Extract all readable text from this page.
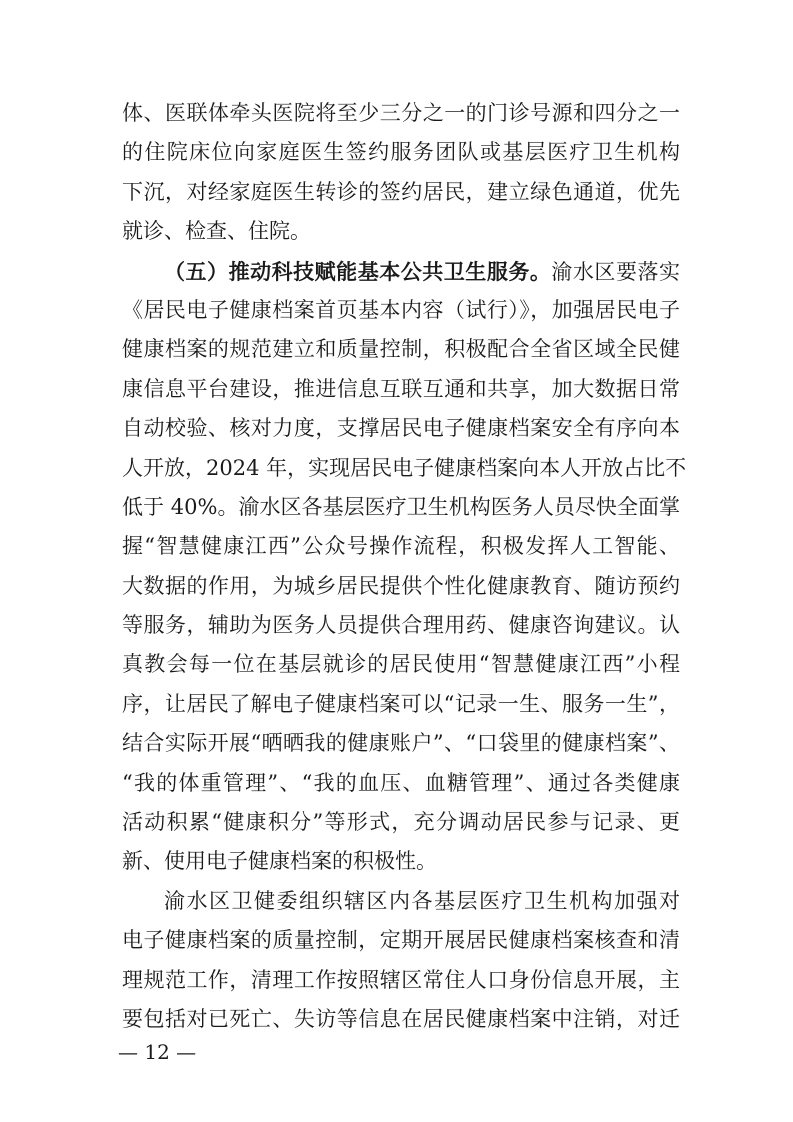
体、医联体牵头医院将至少三分之一的门诊号源和四分之一
的住院床位向家庭医生签约服务团队或基层医疗卫生机构
下沉，对经家庭医生转诊的签约居民，建立绿色通道，优先
就诊、检查、住院。
（五）推动科技赋能基本公共卫生服务。渝水区要落实
《居民电子健康档案首页基本内容（试行）》，加强居民电子
健康档案的规范建立和质量控制，积极配合全省区域全民健
康信息平台建设，推进信息互联互通和共享，加大数据日常
自动校验、核对力度，支撑居民电子健康档案安全有序向本
人开放，2024 年，实现居民电子健康档案向本人开放占比不
低于 40%。渝水区各基层医疗卫生机构医务人员尽快全面掌
握“智慧健康江西”公众号操作流程，积极发挥人工智能、
大数据的作用，为城乡居民提供个性化健康教育、随访预约
等服务，辅助为医务人员提供合理用药、健康咨询建议。认
真教会每一位在基层就诊的居民使用“智慧健康江西”小程
序，让居民了解电子健康档案可以“记录一生、服务一生”，
结合实际开展“晒晒我的健康账户”、“口袋里的健康档案”、
“我的体重管理”、“我的血压、血糖管理”、通过各类健康
活动积累“健康积分”等形式，充分调动居民参与记录、更
新、使用电子健康档案的积极性。
渝水区卫健委组织辖区内各基层医疗卫生机构加强对
电子健康档案的质量控制，定期开展居民健康档案核查和清
理规范工作，清理工作按照辖区常住人口身份信息开展，主
要包括对已死亡、失访等信息在居民健康档案中注销，对迁
— 12 —
